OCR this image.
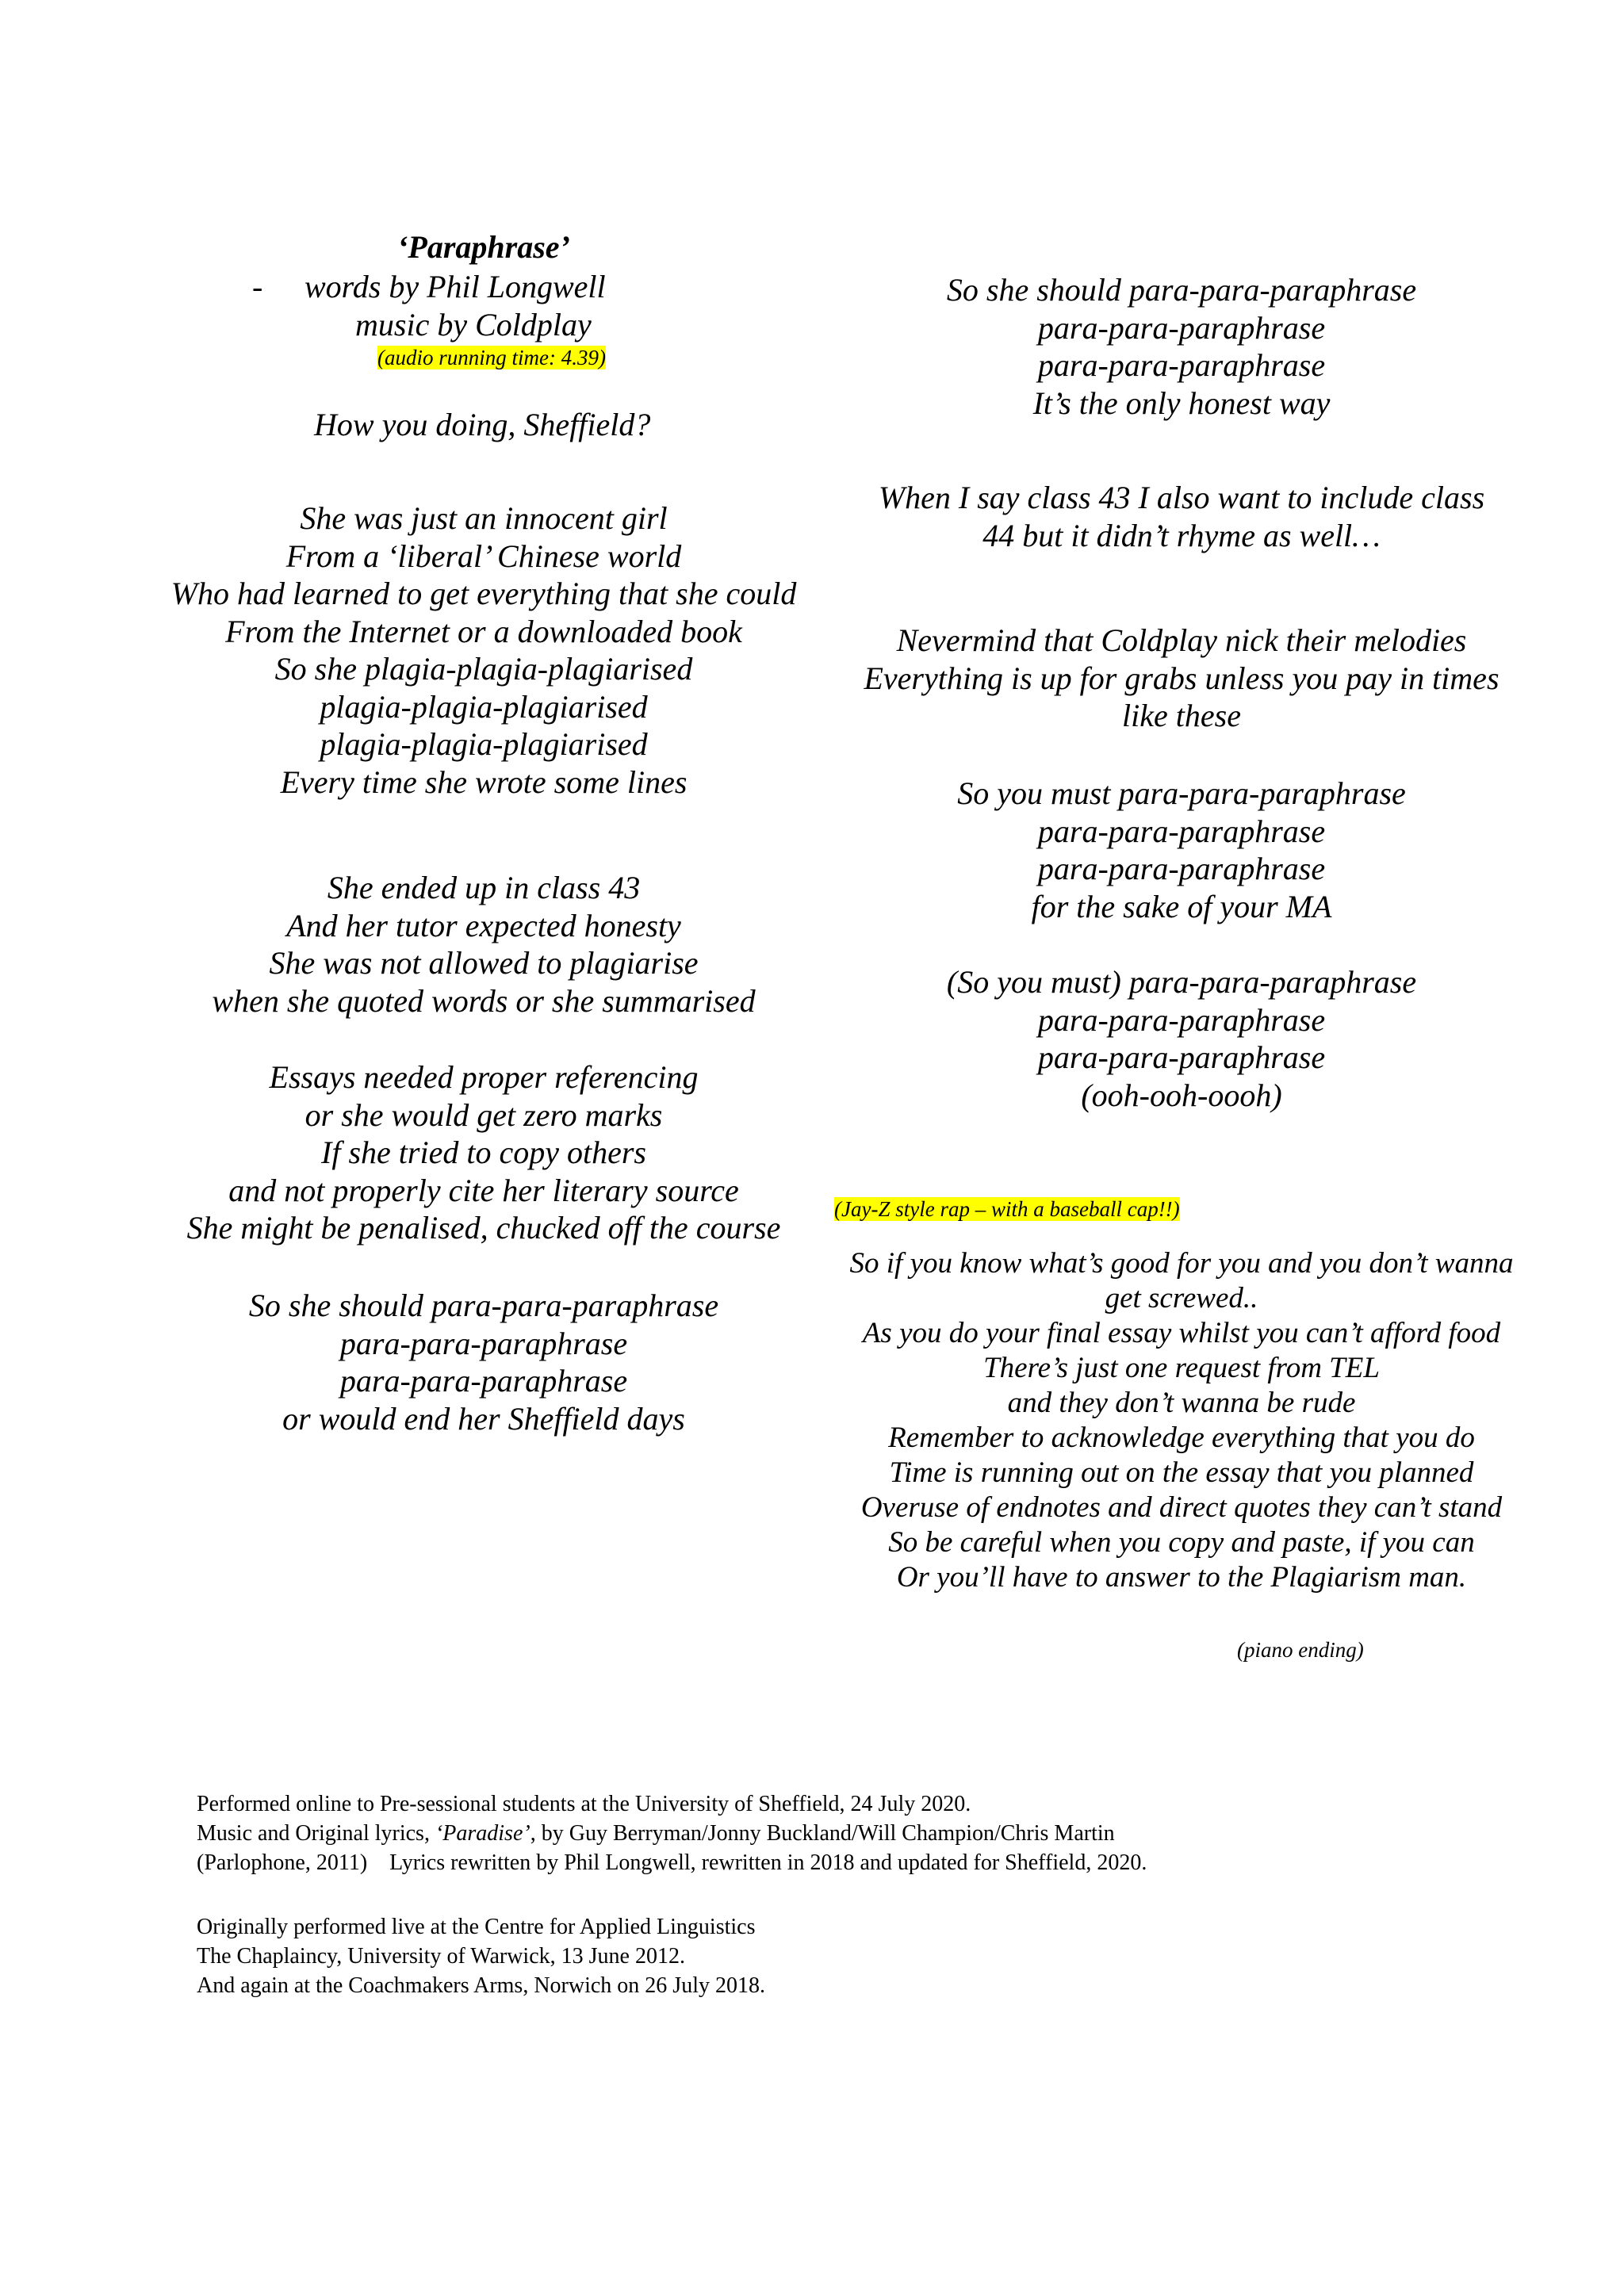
‘Paraphrase’
- words by Phil Longwell
music by Coldplay
(audio running time: 4.39)
How you doing, Sheffield?
She was just an innocent girl
From a ‘liberal’ Chinese world
Who had learned to get everything that she could
From the Internet or a downloaded book
So she plagia-plagia-plagiarised
plagia-plagia-plagiarised
plagia-plagia-plagiarised
Every time she wrote some lines
She ended up in class 43
And her tutor expected honesty
She was not allowed to plagiarise
when she quoted words or she summarised
Essays needed proper referencing
or she would get zero marks
If she tried to copy others
and not properly cite her literary source
She might be penalised, chucked off the course
So she should para-para-paraphrase
para-para-paraphrase
para-para-paraphrase
or would end her Sheffield days
So she should para-para-paraphrase
para-para-paraphrase
para-para-paraphrase
It’s the only honest way
When I say class 43 I also want to include class
44 but it didn’t rhyme as well…
Nevermind that Coldplay nick their melodies
Everything is up for grabs unless you pay in times
like these
So you must para-para-paraphrase
para-para-paraphrase
para-para-paraphrase
for the sake of your MA
(So you must) para-para-paraphrase
para-para-paraphrase
para-para-paraphrase
(ooh-ooh-oooh)
(Jay-Z style rap – with a baseball cap!!)
So if you know what’s good for you and you don’t wanna
get screwed..
As you do your final essay whilst you can’t afford food
There’s just one request from TEL
and they don’t wanna be rude
Remember to acknowledge everything that you do
Time is running out on the essay that you planned
Overuse of endnotes and direct quotes they can’t stand
So be careful when you copy and paste, if you can
Or you’ll have to answer to the Plagiarism man.
(piano ending)
Performed online to Pre-sessional students at the University of Sheffield, 24 July 2020.
Music and Original lyrics, ‘Paradise’, by Guy Berryman/Jonny Buckland/Will Champion/Chris Martin
(Parlophone, 2011)    Lyrics rewritten by Phil Longwell, rewritten in 2018 and updated for Sheffield, 2020.
Originally performed live at the Centre for Applied Linguistics
The Chaplaincy, University of Warwick, 13 June 2012.
And again at the Coachmakers Arms, Norwich on 26 July 2018.
